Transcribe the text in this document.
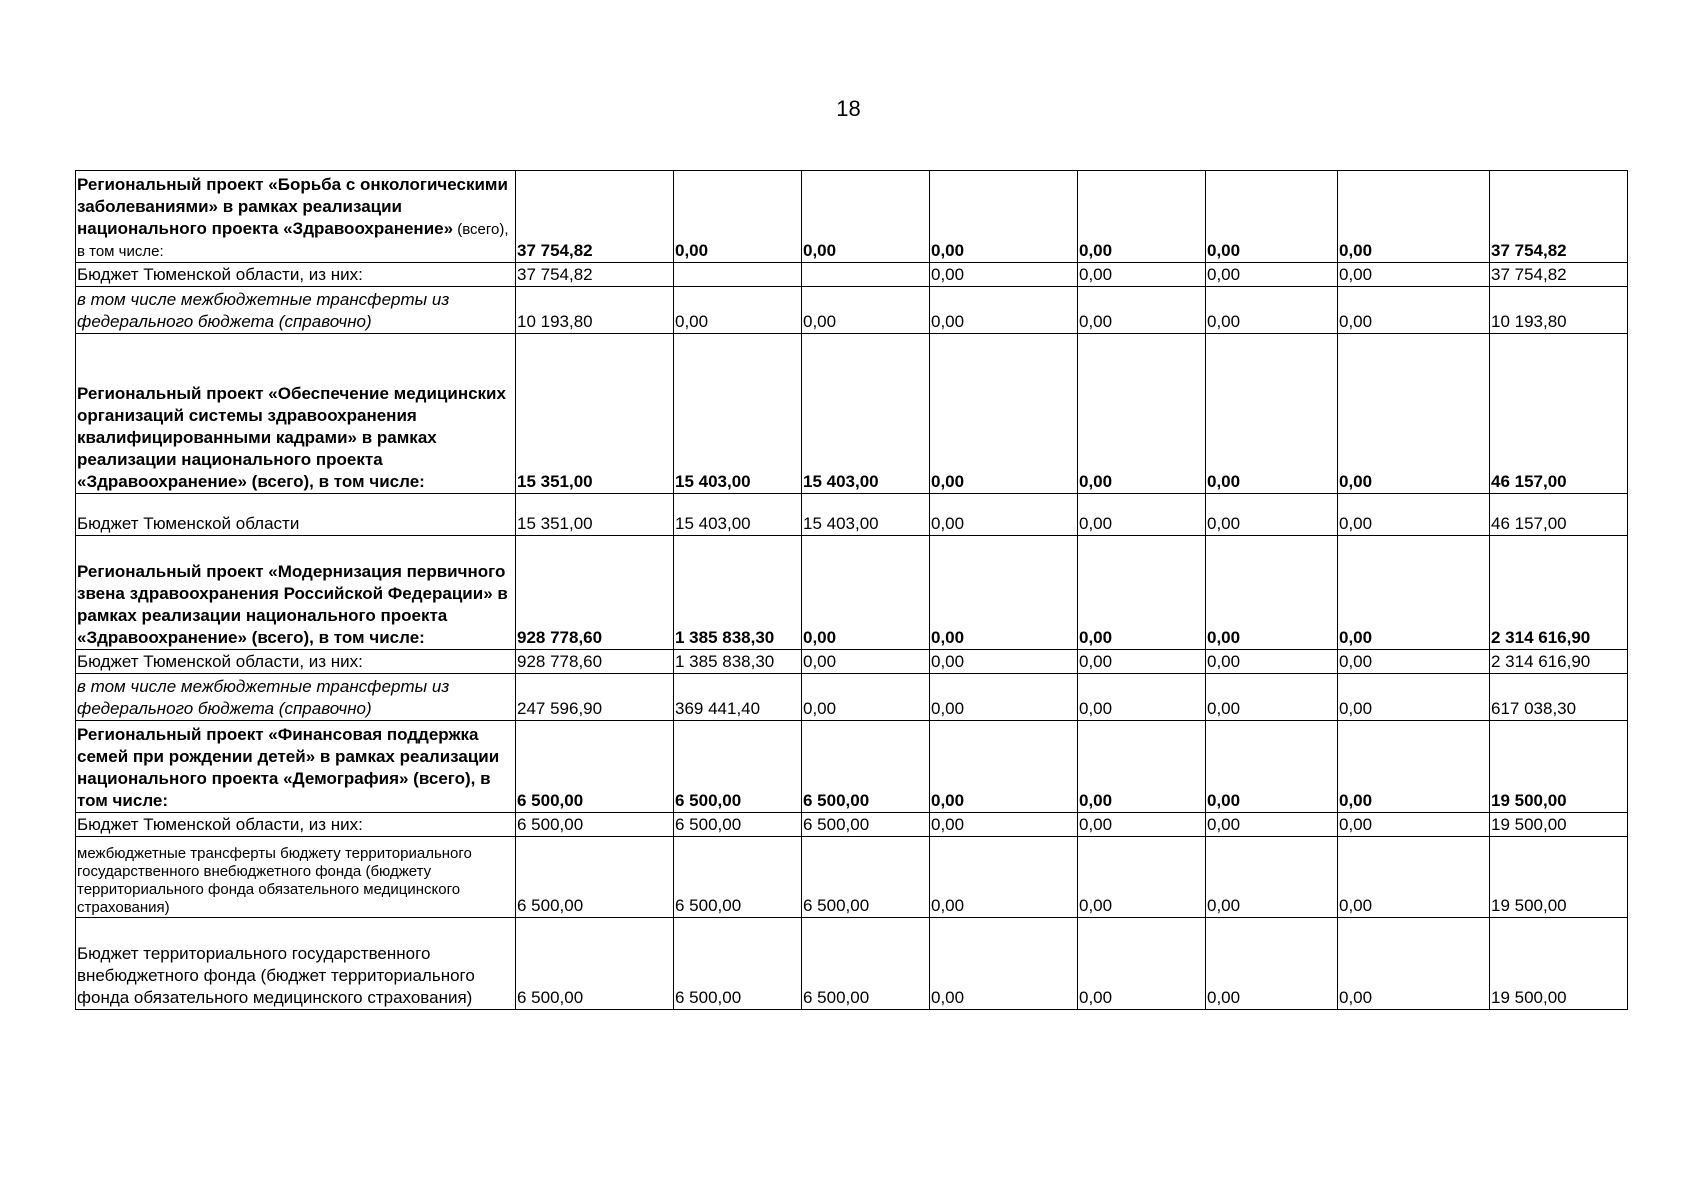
18
Региональный проект «Борьба с онкологическими заболеваниями» в рамках реализации национального проекта «Здравоохранение» (всего), в том числе:	37 754,82	0,00	0,00	0,00	0,00	0,00	0,00	37 754,82
Бюджет Тюменской области, из них:	37 754,82			0,00	0,00	0,00	0,00	37 754,82
в том числе межбюджетные трансферты из федерального бюджета (справочно)	10 193,80	0,00	0,00	0,00	0,00	0,00	0,00	10 193,80
Региональный проект «Обеспечение медицинских организаций системы здравоохранения квалифицированными кадрами» в рамках реализации национального проекта «Здравоохранение» (всего), в том числе:	15 351,00	15 403,00	15 403,00	0,00	0,00	0,00	0,00	46 157,00
Бюджет Тюменской области	15 351,00	15 403,00	15 403,00	0,00	0,00	0,00	0,00	46 157,00
Региональный проект «Модернизация первичного звена здравоохранения Российской Федерации» в рамках реализации национального проекта «Здравоохранение» (всего), в том числе:	928 778,60	1 385 838,30	0,00	0,00	0,00	0,00	0,00	2 314 616,90
Бюджет Тюменской области, из них:	928 778,60	1 385 838,30	0,00	0,00	0,00	0,00	0,00	2 314 616,90
в том числе межбюджетные трансферты из федерального бюджета (справочно)	247 596,90	369 441,40	0,00	0,00	0,00	0,00	0,00	617 038,30
Региональный проект «Финансовая поддержка семей при рождении детей» в рамках реализации национального проекта «Демография» (всего), в том числе:	6 500,00	6 500,00	6 500,00	0,00	0,00	0,00	0,00	19 500,00
Бюджет Тюменской области, из них:	6 500,00	6 500,00	6 500,00	0,00	0,00	0,00	0,00	19 500,00
межбюджетные трансферты бюджету территориального государственного внебюджетного фонда (бюджету территориального фонда обязательного медицинского страхования)	6 500,00	6 500,00	6 500,00	0,00	0,00	0,00	0,00	19 500,00
Бюджет территориального государственного внебюджетного фонда (бюджет территориального фонда обязательного медицинского страхования)	6 500,00	6 500,00	6 500,00	0,00	0,00	0,00	0,00	19 500,00
